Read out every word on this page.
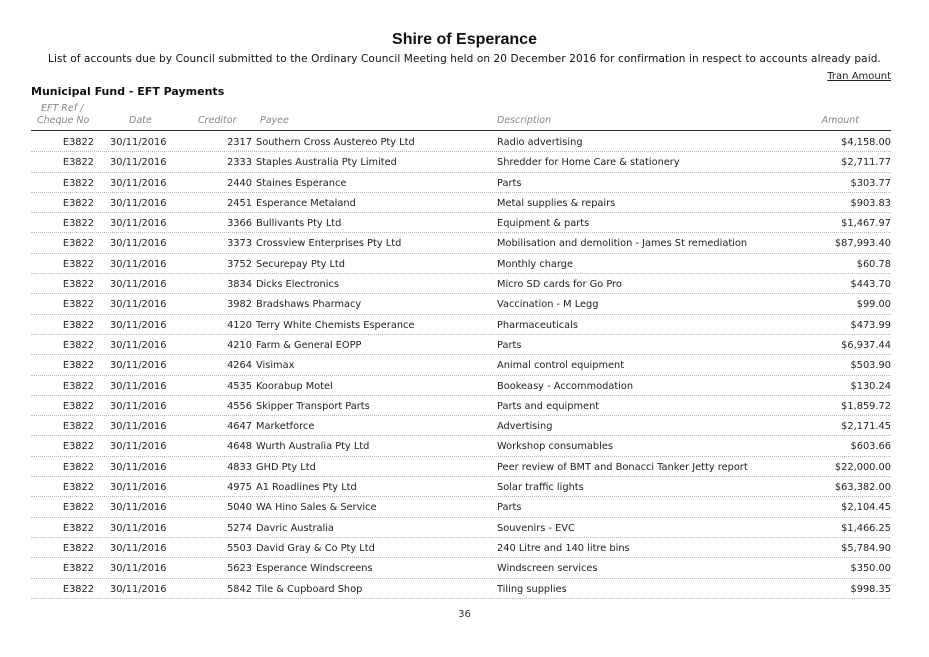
Shire of Esperance
List of accounts due by Council submitted to the Ordinary Council Meeting held on 20 December 2016 for confirmation in respect to accounts already paid.
Tran Amount
Municipal Fund - EFT Payments
EFT Ref /
Cheque No	Date	Creditor Payee	Description	Amount
E3822 30/11/2016	2317 Southern Cross Austereo Pty Ltd	Radio advertising	$4,158.00
E3822 30/11/2016	2333 Staples Australia Pty Limited	Shredder for Home Care & stationery	$2,711.77
E3822 30/11/2016	2440 Staines Esperance	Parts	$303.77
E3822 30/11/2016	2451 Esperance Metaland	Metal supplies & repairs	$903.83
E3822 30/11/2016	3366 Bullivants Pty Ltd	Equipment & parts	$1,467.97
E3822 30/11/2016	3373 Crossview Enterprises Pty Ltd	Mobilisation and demolition - James St remediation	$87,993.40
E3822 30/11/2016	3752 Securepay Pty Ltd	Monthly charge	$60.78
E3822 30/11/2016	3834 Dicks Electronics	Micro SD cards for Go Pro	$443.70
E3822 30/11/2016	3982 Bradshaws Pharmacy	Vaccination - M Legg	$99.00
E3822 30/11/2016	4120 Terry White Chemists Esperance	Pharmaceuticals	$473.99
E3822 30/11/2016	4210 Farm & General EOPP	Parts	$6,937.44
E3822 30/11/2016	4264 Visimax	Animal control equipment	$503.90
E3822 30/11/2016	4535 Koorabup Motel	Bookeasy - Accommodation	$130.24
E3822 30/11/2016	4556 Skipper Transport Parts	Parts and equipment	$1,859.72
E3822 30/11/2016	4647 Marketforce	Advertising	$2,171.45
E3822 30/11/2016	4648 Wurth Australia Pty Ltd	Workshop consumables	$603.66
E3822 30/11/2016	4833 GHD Pty Ltd	Peer review of BMT and Bonacci Tanker Jetty report	$22,000.00
E3822 30/11/2016	4975 A1 Roadlines Pty Ltd	Solar traffic lights	$63,382.00
E3822 30/11/2016	5040 WA Hino Sales & Service	Parts	$2,104.45
E3822 30/11/2016	5274 Davric Australia	Souvenirs - EVC	$1,466.25
E3822 30/11/2016	5503 David Gray & Co Pty Ltd	240 Litre and 140 litre bins	$5,784.90
E3822 30/11/2016	5623 Esperance Windscreens	Windscreen services	$350.00
E3822 30/11/2016	5842 Tile & Cupboard Shop	Tiling supplies	$998.35
36
